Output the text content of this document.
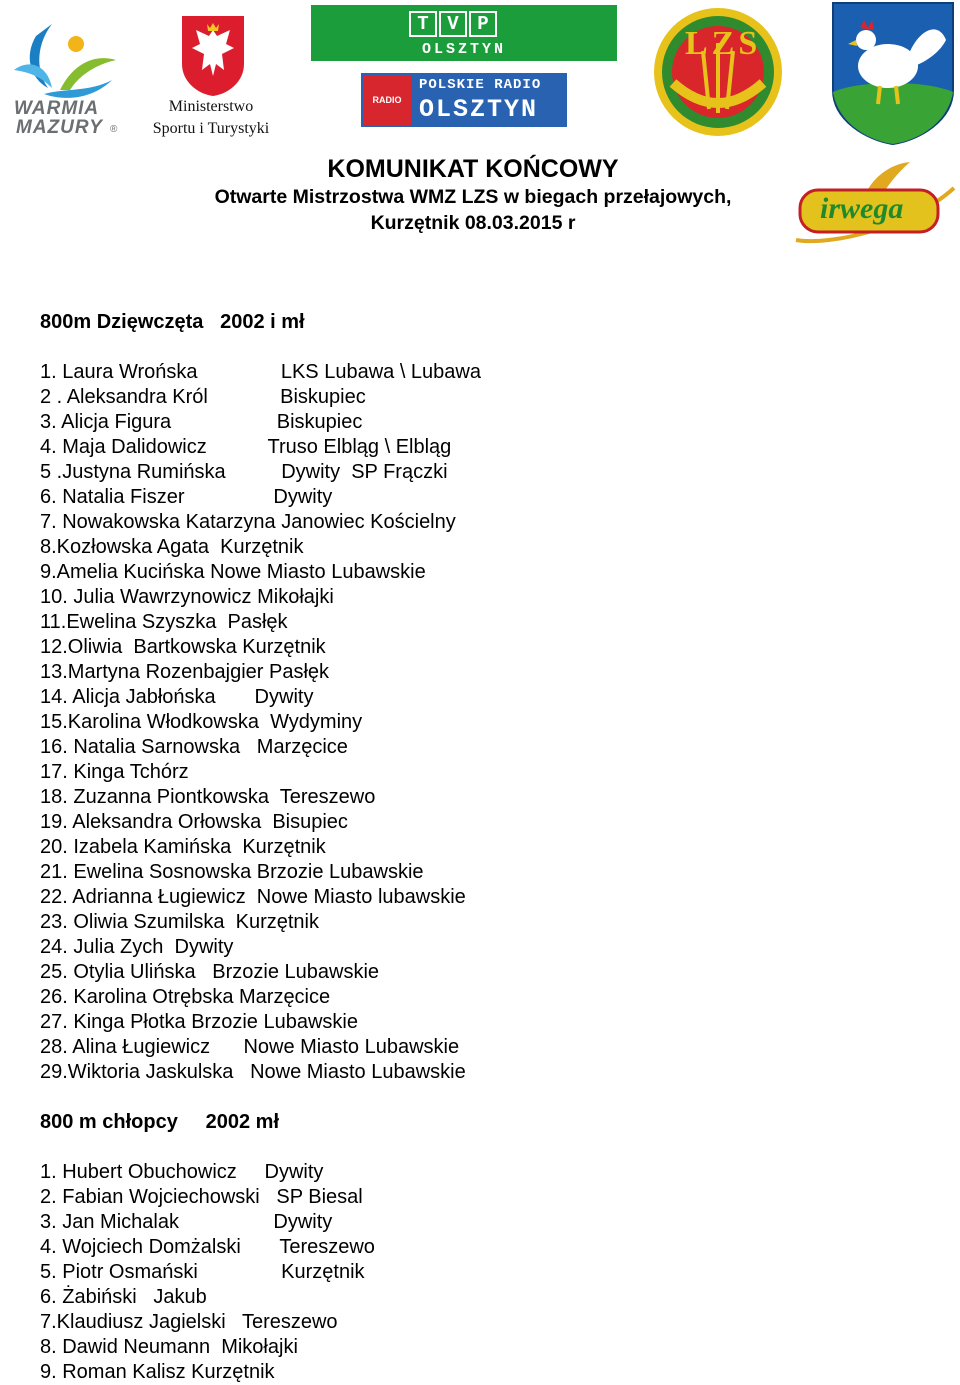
WARMIA
MAZURY ®
Ministerstwo
Sportu i Turystyki
T V P
OLSZTYN
RADIO OLSZTYN
POLSKIE RADIO
OLSZTYN
LZS
irwega
KOMUNIKAT KOŃCOWY
Otwarte Mistrzostwa WMZ LZS w biegach przełajowych,
Kurzętnik 08.03.2015 r
800m Dzięwczęta   2002 i mł
1. Laura Wrońska               LKS Lubawa \ Lubawa
2 . Aleksandra Król             Biskupiec
3. Alicja Figura                   Biskupiec
4. Maja Dalidowicz           Truso Elbląg \ Elbląg
5 .Justyna Rumińska          Dywity  SP Frączki
6. Natalia Fiszer                Dywity
7. Nowakowska Katarzyna Janowiec Kościelny
8.Kozłowska Agata  Kurzętnik
9.Amelia Kucińska Nowe Miasto Lubawskie
10. Julia Wawrzynowicz Mikołajki
11.Ewelina Szyszka  Pasłęk
12.Oliwia  Bartkowska Kurzętnik
13.Martyna Rozenbajgier Pasłęk
14. Alicja Jabłońska       Dywity
15.Karolina Włodkowska  Wydyminy
16. Natalia Sarnowska   Marzęcice
17. Kinga Tchórz
18. Zuzanna Piontkowska  Tereszewo
19. Aleksandra Orłowska  Bisupiec
20. Izabela Kamińska  Kurzętnik
21. Ewelina Sosnowska Brzozie Lubawskie
22. Adrianna Ługiewicz  Nowe Miasto lubawskie
23. Oliwia Szumilska  Kurzętnik
24. Julia Zych  Dywity
25. Otylia Ulińska   Brzozie Lubawskie
26. Karolina Otrębska Marzęcice
27. Kinga Płotka Brzozie Lubawskie
28. Alina Ługiewicz      Nowe Miasto Lubawskie
29.Wiktoria Jaskulska   Nowe Miasto Lubawskie
800 m chłopcy     2002 mł
1. Hubert Obuchowicz     Dywity
2. Fabian Wojciechowski   SP Biesal
3. Jan Michalak                 Dywity
4. Wojciech Domżalski       Tereszewo
5. Piotr Osmański               Kurzętnik
6. Żabiński   Jakub
7.Klaudiusz Jagielski   Tereszewo
8. Dawid Neumann  Mikołajki
9. Roman Kalisz Kurzętnik
